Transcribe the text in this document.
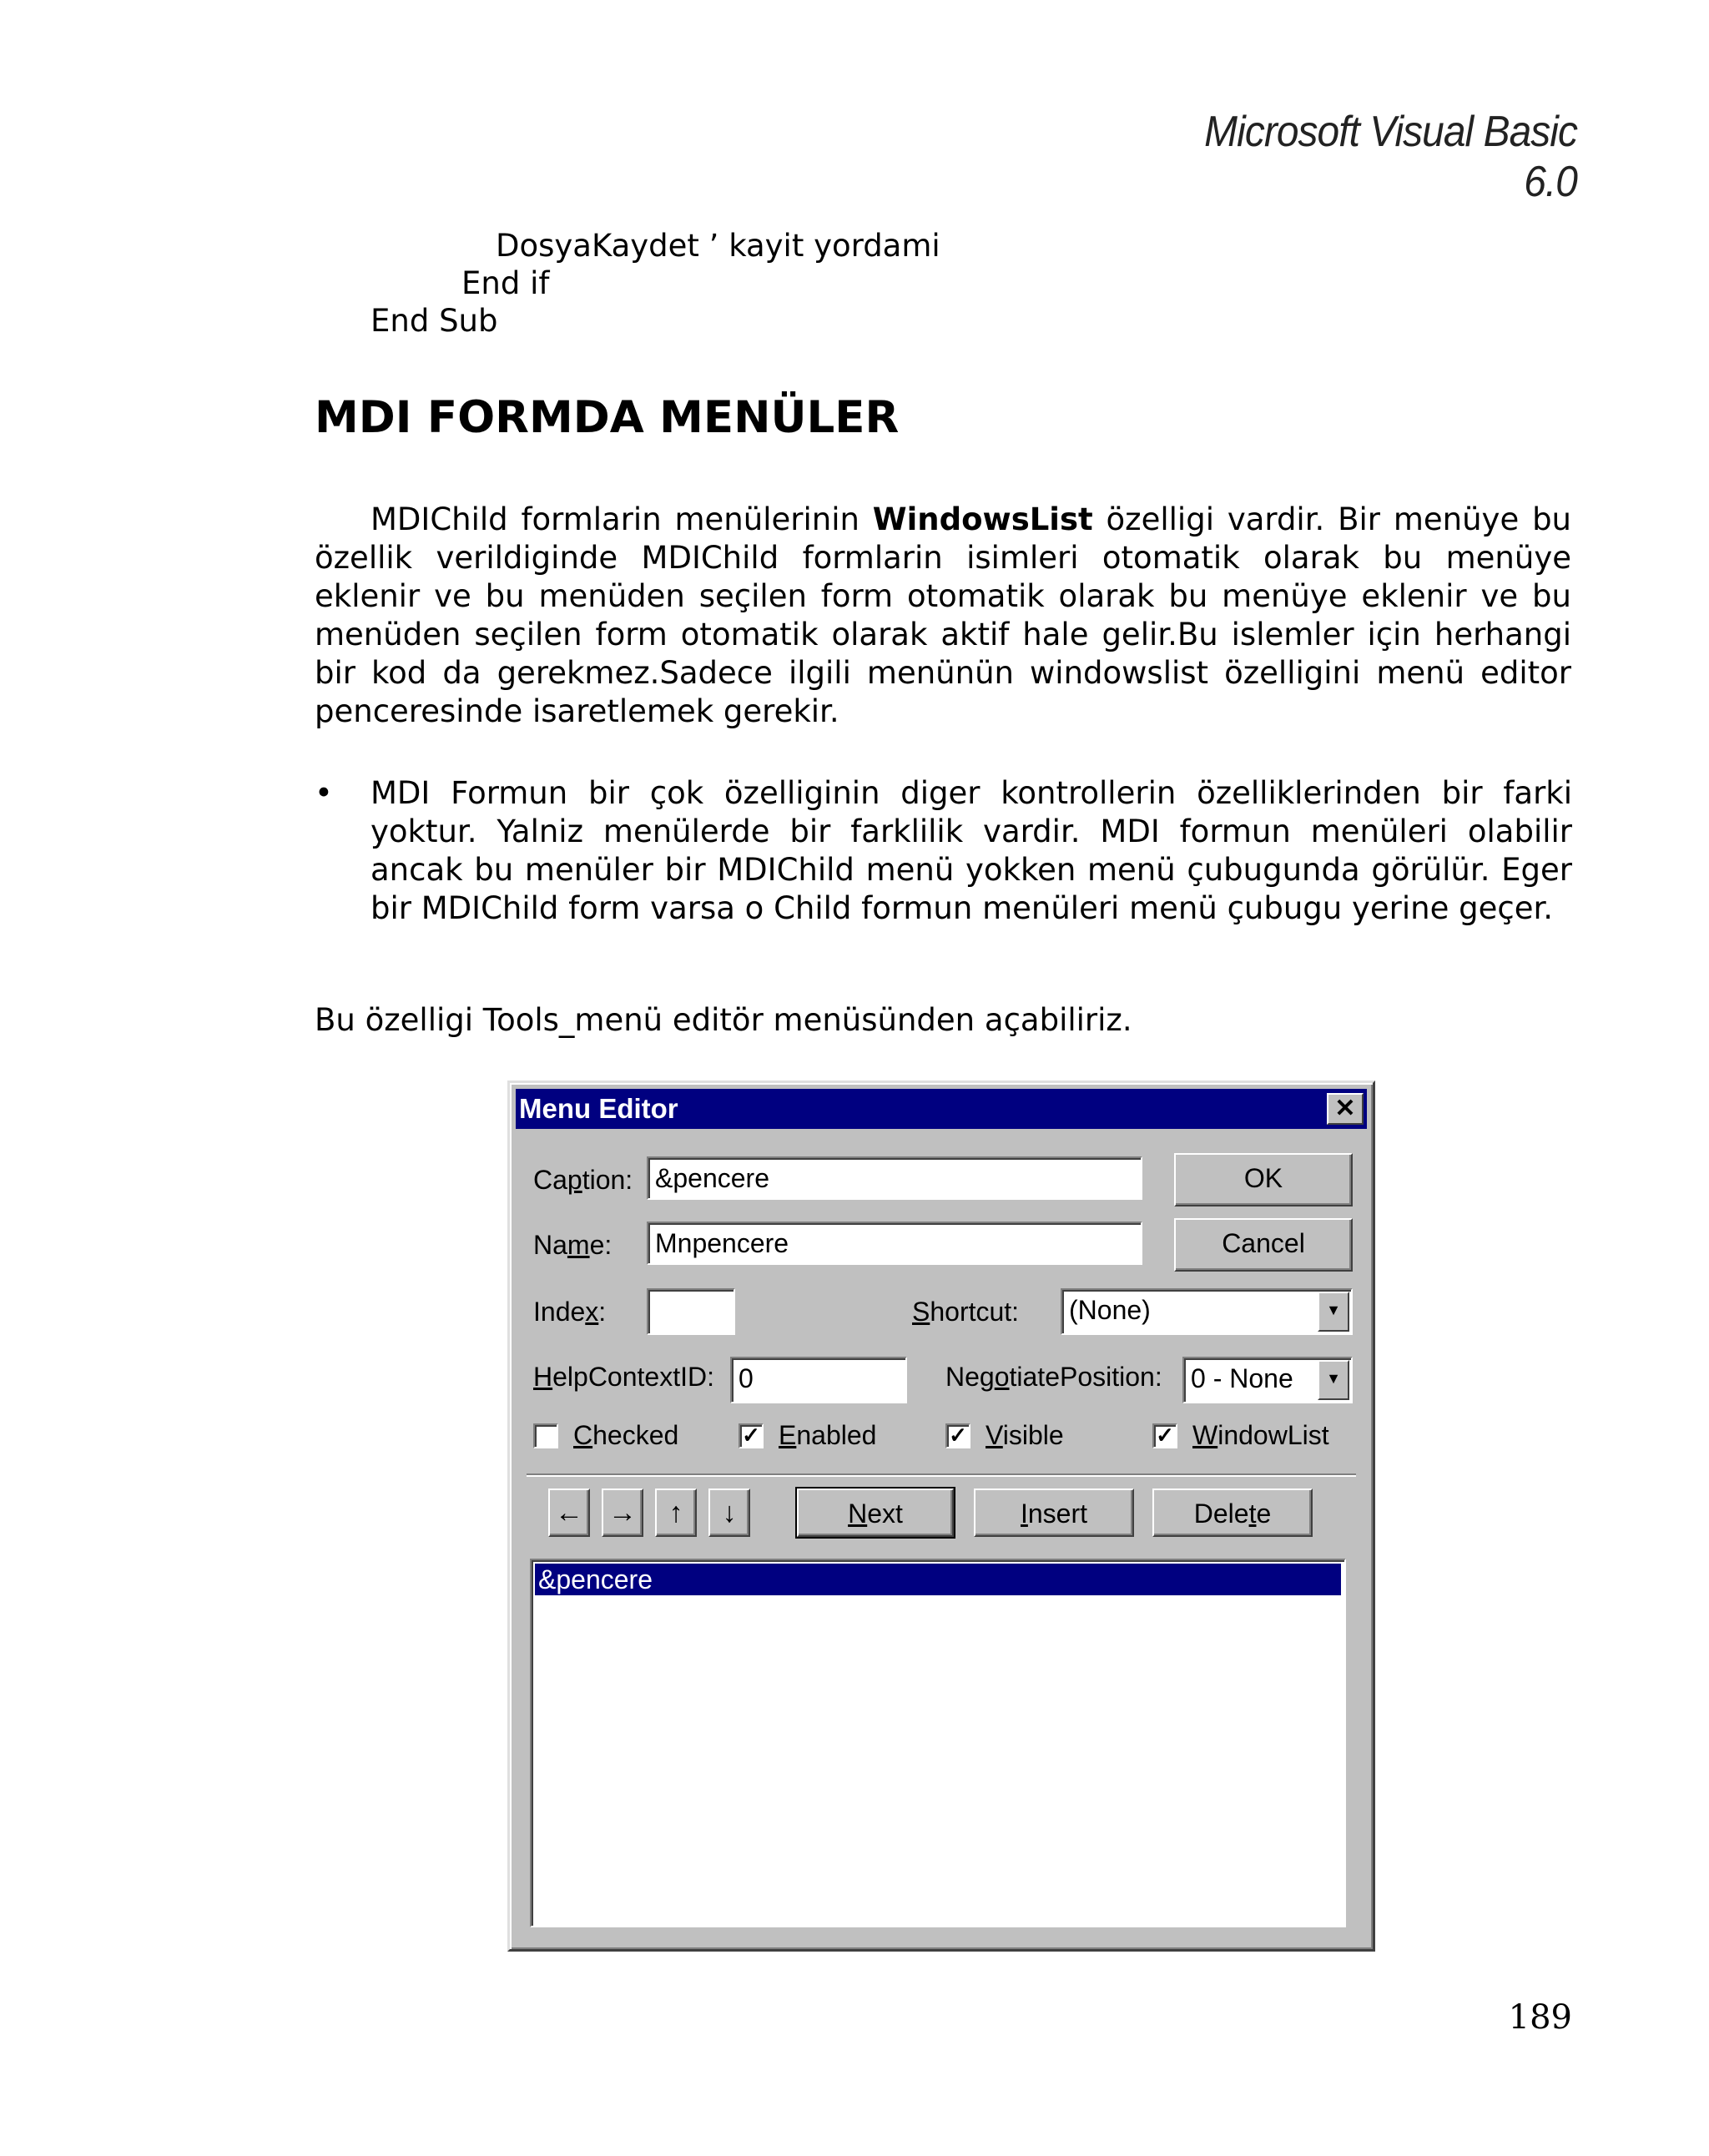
Microsoft Visual Basic 6.0
DosyaKaydet ’ kayit yordami
End if
End Sub
MDI FORMDA MENÜLER

MDIChild formlarin menülerinin WindowsList özelligi vardir. Bir menüye bu özellik verildiginde MDIChild formlarin isimleri otomatik olarak bu menüye eklenir ve bu menüden seçilen form otomatik olarak bu menüye eklenir ve bu menüden seçilen form otomatik olarak aktif hale gelir.Bu islemler için herhangi bir kod da gerekmez.Sadece ilgili menünün windowslist özelligini menü editor penceresinde isaretlemek gerekir.

• MDI Formun bir çok özelliginin diger kontrollerin özelliklerinden bir farki yoktur. Yalniz menülerde bir farklilik vardir. MDI formun menüleri olabilir ancak bu menüler bir MDIChild menü yokken menü çubugunda görülür. Eger bir MDIChild form varsa o Child formun menüleri menü çubugu yerine geçer.

Bu özelligi Tools_menü editör menüsünden açabiliriz.

Menu Editor	✕
Caption: &pencere
Name:	Mnpencere
OK
Cancel
Index:	Shortcut:	(None)	▼
HelpContextID: 0	NegotiatePosition:	0 - None	▼
Checked	✓ Enabled	✓ Visible	✓ WindowList
← →	↑	↓	Next	Insert	Delete
&pencere
189
